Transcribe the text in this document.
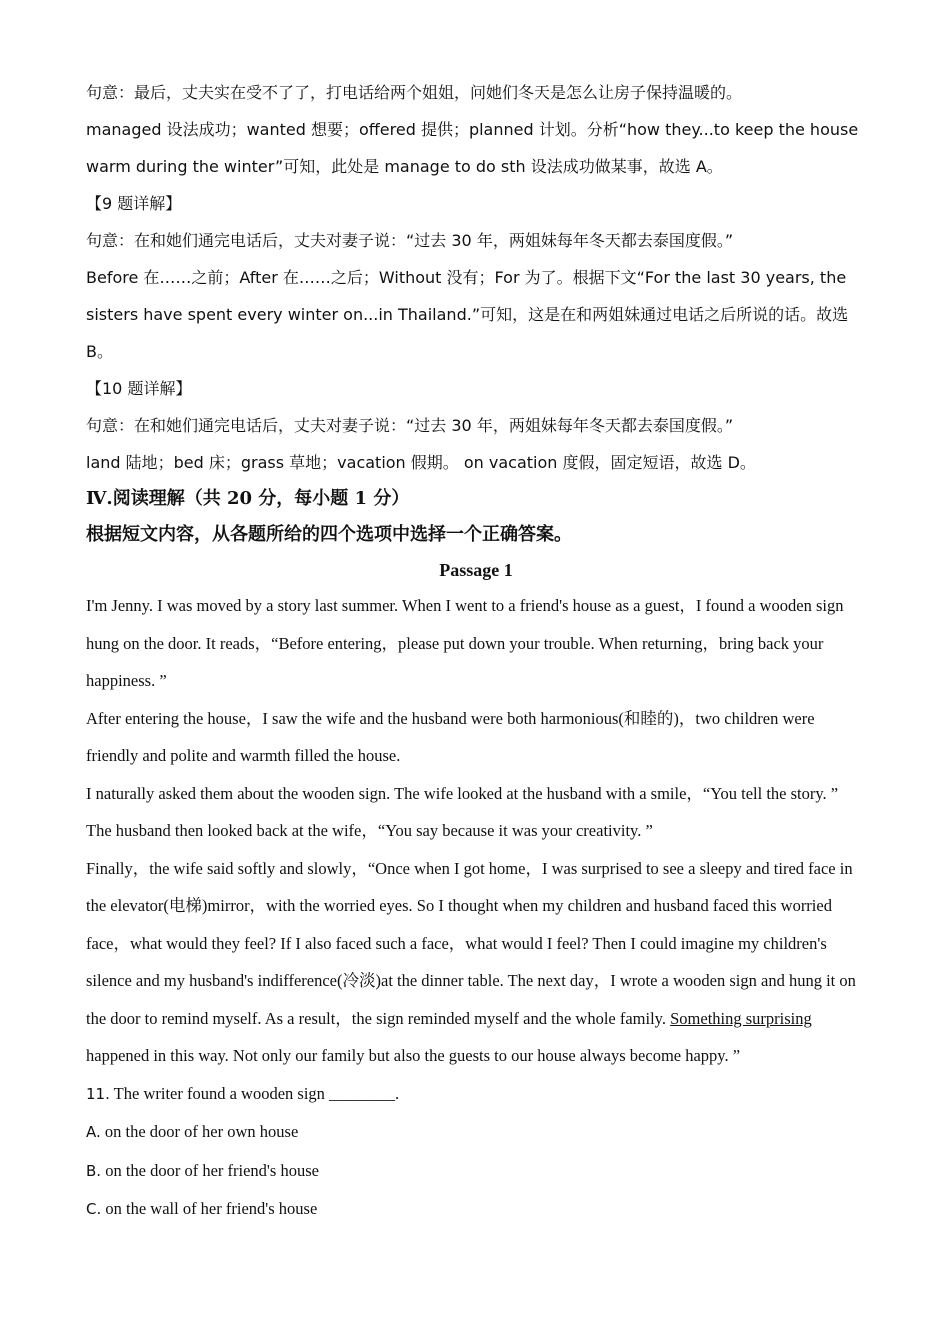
句意：最后，丈夫实在受不了了，打电话给两个姐姐，问她们冬天是怎么让房子保持温暖的。

managed 设法成功；wanted 想要；offered 提供；planned 计划。分析“how they...to keep the house warm during the winter”可知，此处是 manage to do sth 设法成功做某事，故选 A。

【9 题详解】

句意：在和她们通完电话后，丈夫对妻子说：“过去 30 年，两姐妹每年冬天都去泰国度假。”

Before 在……之前；After 在……之后；Without 没有；For 为了。根据下文“For the last 30 years, the sisters have spent every winter on...in Thailand.”可知，这是在和两姐妹通过电话之后所说的话。故选 B。

【10 题详解】

句意：在和她们通完电话后，丈夫对妻子说：“过去 30 年，两姐妹每年冬天都去泰国度假。”

land 陆地；bed 床；grass 草地；vacation 假期。 on vacation 度假，固定短语，故选 D。

Ⅳ.阅读理解（共 20 分，每小题 1 分）

根据短文内容，从各题所给的四个选项中选择一个正确答案。

Passage 1

I'm Jenny. I was moved by a story last summer. When I went to a friend's house as a guest，I found a wooden sign hung on the door. It reads，“Before entering，please put down your trouble. When returning，bring back your happiness. ”

After entering the house，I saw the wife and the husband were both harmonious(和睦的)，two children were friendly and polite and warmth filled the house.

I naturally asked them about the wooden sign. The wife looked at the husband with a smile，“You tell the story. ” The husband then looked back at the wife，“You say because it was your creativity. ”

Finally，the wife said softly and slowly，“Once when I got home，I was surprised to see a sleepy and tired face in the elevator(电梯)mirror，with the worried eyes. So I thought when my children and husband faced this worried face，what would they feel? If I also faced such a face，what would I feel? Then I could imagine my children's silence and my husband's indifference(冷淡)at the dinner table. The next day，I wrote a wooden sign and hung it on the door to remind myself. As a result，the sign reminded myself and the whole family. Something surprising happened in this way. Not only our family but also the guests to our house always become happy. ”

11. The writer found a wooden sign ________.

A. on the door of her own house

B. on the door of her friend's house

C. on the wall of her friend's house
